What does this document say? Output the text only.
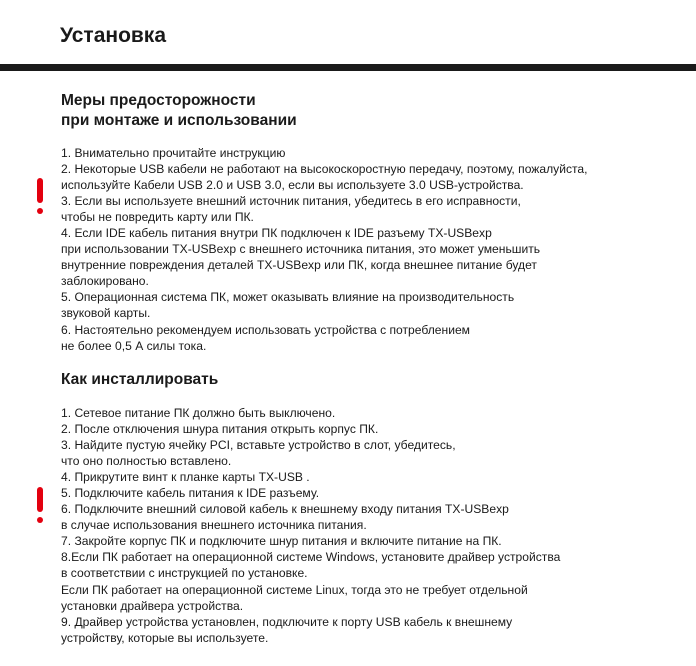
Установка
Меры предосторожности
при монтаже и использовании
1. Внимательно прочитайте инструкцию
2. Некоторые USB кабели не работают на высокоскоростную передачу, поэтому, пожалуйста,
используйте Кабели USB 2.0 и USB 3.0, если вы используете 3.0 USB-устройства.
3. Если вы используете внешний источник питания, убедитесь в его исправности,
чтобы не повредить карту или ПК.
4. Если IDE кабель питания внутри ПК подключен к IDE разъему TX-USBexp
при использовании TX-USBexp с внешнего источника питания, это может уменьшить
внутренние повреждения деталей TX-USBexp или ПК, когда внешнее питание будет
заблокировано.
5. Операционная система ПК, может оказывать влияние на производительность
звуковой карты.
6. Настоятельно рекомендуем использовать устройства с потреблением
не более 0,5 А силы тока.
Как инсталлировать
1. Сетевое питание ПК должно быть выключено.
2. После отключения шнура питания открыть корпус ПК.
3. Найдите пустую ячейку PCI, вставьте устройство в слот, убедитесь,
что оно полностью вставлено.
4. Прикрутите винт к планке карты TX-USB .
5. Подключите кабель питания к IDE разъему.
6. Подключите внешний силовой кабель к внешнему входу питания TX-USBexp
в случае использования внешнего источника питания.
7. Закройте корпус ПК и подключите шнур питания и включите питание на ПК.
8.Если ПК работает на операционной системе Windows, установите драйвер устройства
в соответствии с инструкцией по установке.
Если ПК работает на операционной системе Linux, тогда это не требует отдельной
установки драйвера устройства.
9. Драйвер устройства установлен, подключите к порту USB кабель к внешнему
устройству, которые вы используете.
